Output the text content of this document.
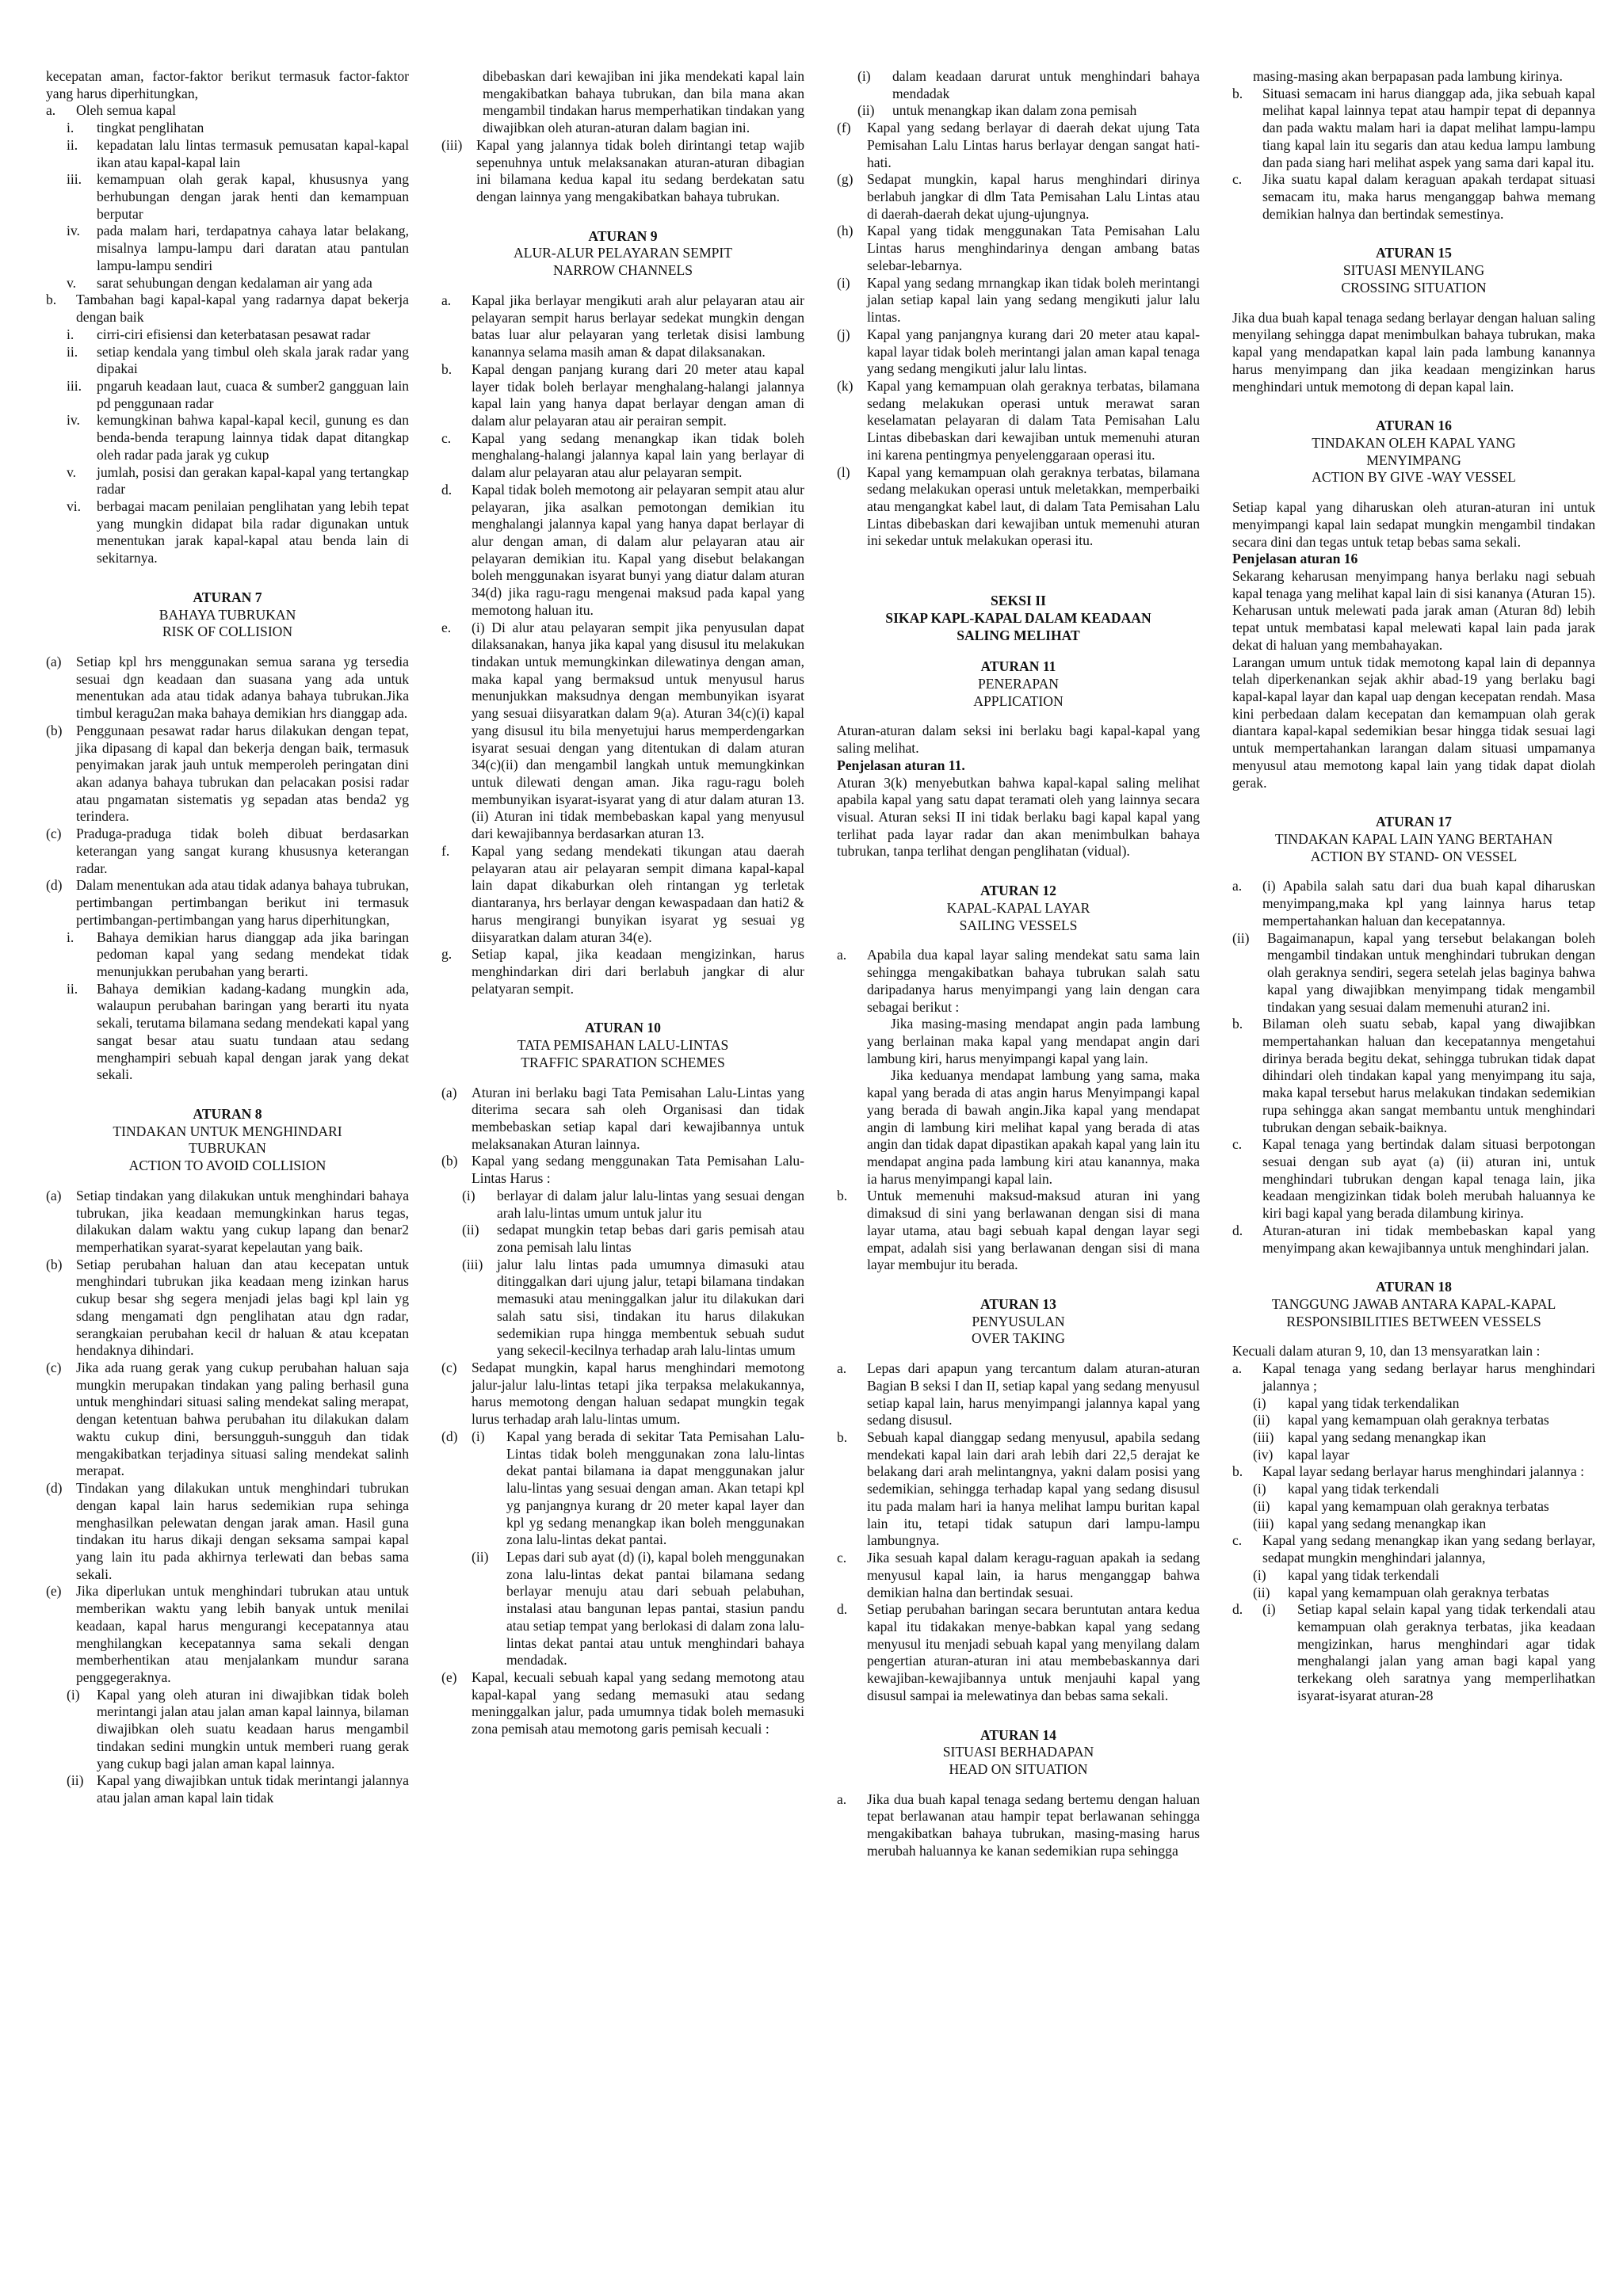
kecepatan aman, factor-faktor berikut termasuk factor-faktor yang harus diperhitungkan,

a.	Oleh semua kapal
i.	tingkat penglihatan
ii.	kepadatan lalu lintas termasuk pemusatan kapal-kapal ikan atau kapal-kapal lain
iii.	kemampuan olah gerak kapal, khususnya yang berhubungan dengan jarak henti dan kemampuan berputar
iv.	pada malam hari, terdapatnya cahaya latar belakang, misalnya lampu-lampu dari daratan atau pantulan lampu-lampu sendiri
v.	sarat sehubungan dengan kedalaman air yang ada
b.	Tambahan bagi kapal-kapal yang radarnya dapat bekerja dengan baik
i.	cirri-ciri efisiensi dan keterbatasan pesawat radar
ii.	setiap kendala yang timbul oleh skala jarak radar yang dipakai
iii.	pngaruh keadaan laut, cuaca & sumber2 gangguan lain pd penggunaan radar
iv.	kemungkinan bahwa kapal-kapal kecil, gunung es dan benda-benda terapung lainnya tidak dapat ditangkap oleh radar pada jarak yg cukup
v.	jumlah, posisi dan gerakan kapal-kapal yang tertangkap radar
vi.	berbagai macam penilaian penglihatan yang lebih tepat yang mungkin didapat bila radar digunakan untuk menentukan jarak kapal-kapal atau benda lain di sekitarnya.

ATURAN 7

BAHAYA TUBRUKAN

RISK OF COLLISION

(a)	Setiap kpl hrs menggunakan semua sarana yg tersedia sesuai dgn keadaan dan suasana yang ada untuk menentukan ada atau tidak adanya bahaya tubrukan.Jika timbul keragu2an maka bahaya demikian hrs dianggap ada.
(b) Penggunaan pesawat radar harus dilakukan dengan tepat, jika dipasang di kapal dan bekerja dengan baik, termasuk penyimakan jarak jauh untuk memperoleh peringatan dini akan adanya bahaya tubrukan dan pelacakan posisi radar atau pngamatan sistematis yg sepadan atas benda2 yg terindera.
(c)	Praduga-praduga tidak boleh dibuat berdasarkan keterangan yang sangat kurang khususnya keterangan radar.
(d) Dalam menentukan ada atau tidak adanya bahaya tubrukan, pertimbangan pertimbangan berikut ini termasuk pertimbangan-pertimbangan yang harus diperhitungkan,
i.	Bahaya demikian harus dianggap ada jika baringan pedoman kapal yang sedang mendekat tidak menunjukkan perubahan yang berarti.
ii.	Bahaya demikian kadang-kadang mungkin ada, walaupun perubahan baringan yang berarti itu nyata sekali, terutama bilamana sedang mendekati kapal yang sangat besar atau suatu tundaan atau sedang menghampiri sebuah kapal dengan jarak yang dekat sekali.

ATURAN 8

TINDAKAN UNTUK MENGHINDARI

TUBRUKAN

ACTION TO AVOID COLLISION

(a)	Setiap tindakan yang dilakukan untuk menghindari bahaya tubrukan, jika keadaan memungkinkan harus tegas, dilakukan dalam waktu yang cukup lapang dan benar2 memperhatikan syarat-syarat kepelautan yang baik.
(b) Setiap perubahan haluan dan atau kecepatan untuk menghindari tubrukan jika keadaan meng izinkan harus cukup besar shg segera menjadi jelas bagi kpl lain yg sdang mengamati dgn penglihatan atau dgn radar, serangkaian perubahan kecil dr haluan & atau kcepatan hendaknya dihindari.
(c)	Jika ada ruang gerak yang cukup perubahan haluan saja mungkin merupakan tindakan yang paling berhasil guna untuk menghindari situasi saling mendekat saling merapat, dengan ketentuan bahwa perubahan itu dilakukan dalam waktu cukup dini, bersungguh-sungguh dan tidak mengakibatkan terjadinya situasi saling mendekat salinh merapat.
(d) Tindakan yang dilakukan untuk menghindari tubrukan dengan kapal lain harus sedemikian rupa sehinga menghasilkan pelewatan dengan jarak aman. Hasil guna tindakan itu harus dikaji dengan seksama sampai kapal yang lain itu pada akhirnya terlewati dan bebas sama sekali.
(e)	Jika diperlukan untuk menghindari tubrukan atau untuk memberikan waktu yang lebih banyak untuk menilai keadaan, kapal harus mengurangi kecepatannya atau menghilangkan kecepatannya sama sekali dengan memberhentikan atau menjalankam mundur sarana penggegeraknya.
(i)	Kapal yang oleh aturan ini diwajibkan tidak boleh merintangi jalan atau jalan aman kapal lainnya, bilaman diwajibkan oleh suatu keadaan harus mengambil tindakan sedini mungkin untuk memberi ruang gerak yang cukup bagi jalan aman kapal lainnya.
(ii) Kapal yang diwajibkan untuk tidak merintangi jalannya atau jalan aman kapal lain tidak

dibebaskan dari kewajiban ini jika mendekati kapal lain mengakibatkan bahaya tubrukan, dan bila mana akan mengambil tindakan harus memperhatikan tindakan yang diwajibkan oleh aturan-aturan dalam bagian ini.

(iii)	Kapal yang jalannya tidak boleh dirintangi tetap wajib sepenuhnya untuk melaksanakan aturan-aturan dibagian ini bilamana kedua kapal itu sedang berdekatan satu dengan lainnya yang mengakibatkan bahaya tubrukan.

ATURAN 9

ALUR-ALUR PELAYARAN SEMPIT

NARROW CHANNELS

a.	Kapal jika berlayar mengikuti arah alur pelayaran atau air pelayaran sempit harus berlayar sedekat mungkin dengan batas luar alur pelayaran yang terletak disisi lambung kanannya selama masih aman & dapat dilaksanakan.
b.	Kapal dengan panjang kurang dari 20 meter atau kapal layer tidak boleh berlayar menghalang-halangi jalannya kapal lain yang hanya dapat berlayar dengan aman di dalam alur pelayaran atau air perairan sempit.
c.	Kapal yang sedang menangkap ikan tidak boleh menghalang-halangi jalannya kapal lain yang berlayar di dalam alur pelayaran atau alur pelayaran sempit.
d.	Kapal tidak boleh memotong air pelayaran sempit atau alur pelayaran, jika asalkan pemotongan demikian itu menghalangi jalannya kapal yang hanya dapat berlayar di alur dengan aman, di dalam alur pelayaran atau air pelayaran demikian itu. Kapal yang disebut belakangan boleh menggunakan isyarat bunyi yang diatur dalam aturan 34(d) jika ragu-ragu mengenai maksud pada kapal yang memotong haluan itu.
e.	(i) Di alur atau pelayaran sempit jika penyusulan dapat dilaksanakan, hanya jika kapal yang disusul itu melakukan tindakan untuk memungkinkan dilewatinya dengan aman, maka kapal yang bermaksud untuk menyusul harus menunjukkan maksudnya dengan membunyikan isyarat yang sesuai diisyaratkan dalam 9(a). Aturan 34(c)(i) kapal yang disusul itu bila menyetujui harus memperdengarkan isyarat sesuai dengan yang ditentukan di dalam aturan 34(c)(ii) dan mengambil langkah untuk memungkinkan untuk dilewati dengan aman. Jika ragu-ragu boleh membunyikan isyarat-isyarat yang di atur dalam aturan 13. (ii) Aturan ini tidak membebaskan kapal yang menyusul dari kewajibannya berdasarkan aturan 13.
f.	Kapal yang sedang mendekati tikungan atau daerah pelayaran atau air pelayaran sempit dimana kapal-kapal lain dapat dikaburkan oleh rintangan yg terletak diantaranya, hrs berlayar dengan kewaspadaan dan hati2 & harus mengirangi bunyikan isyarat yg sesuai yg diisyaratkan dalam aturan 34(e).
g.	Setiap kapal, jika keadaan mengizinkan, harus menghindarkan diri dari berlabuh jangkar di alur pelatyaran sempit.

ATURAN 10

TATA PEMISAHAN LALU-LINTAS

TRAFFIC SPARATION SCHEMES

(a)	Aturan ini berlaku bagi Tata Pemisahan Lalu-Lintas yang diterima secara sah oleh Organisasi dan tidak membebaskan setiap kapal dari kewajibannya untuk melaksanakan Aturan lainnya.
(b) Kapal yang sedang menggunakan Tata Pemisahan Lalu-Lintas Harus :
(i)	berlayar di dalam jalur lalu-lintas yang sesuai dengan arah lalu-lintas umum untuk jalur itu
(ii)	sedapat mungkin tetap bebas dari garis pemisah atau zona pemisah lalu lintas
(iii)	jalur lalu lintas pada umumnya dimasuki atau ditinggalkan dari ujung jalur, tetapi bilamana tindakan memasuki atau meninggalkan jalur itu dilakukan dari salah satu sisi, tindakan itu harus dilakukan sedemikian rupa hingga membentuk sebuah sudut yang sekecil-kecilnya terhadap arah lalu-lintas umum
(c)	Sedapat mungkin, kapal harus menghindari memotong jalur-jalur lalu-lintas tetapi jika terpaksa melakukannya, harus memotong dengan haluan sedapat mungkin tegak lurus terhadap arah lalu-lintas umum.
(d) (i)	Kapal yang berada di sekitar Tata Pemisahan Lalu-Lintas tidak boleh menggunakan zona lalu-lintas dekat pantai bilamana ia dapat menggunakan jalur lalu-lintas yang sesuai dengan aman. Akan tetapi kpl yg panjangnya kurang dr 20 meter kapal layer dan kpl yg sedang menangkap ikan boleh menggunakan zona lalu-lintas dekat pantai.
(ii)	Lepas dari sub ayat (d) (i), kapal boleh menggunakan zona lalu-lintas dekat pantai bilamana sedang berlayar menuju atau dari sebuah pelabuhan, instalasi atau bangunan lepas pantai, stasiun pandu atau setiap tempat yang berlokasi di dalam zona lalu-lintas dekat pantai atau untuk menghindari bahaya mendadak.
(e)	Kapal, kecuali sebuah kapal yang sedang memotong atau kapal-kapal yang sedang memasuki atau sedang meninggalkan jalur, pada umumnya tidak boleh memasuki zona pemisah atau memotong garis pemisah kecuali :
(i)	dalam keadaan darurat untuk menghindari bahaya mendadak
(ii)	untuk menangkap ikan dalam zona pemisah
(f)	Kapal yang sedang berlayar di daerah dekat ujung Tata Pemisahan Lalu Lintas harus berlayar dengan sangat hati-hati.
(g) Sedapat mungkin, kapal harus menghindari dirinya berlabuh jangkar di dlm Tata Pemisahan Lalu Lintas atau di daerah-daerah dekat ujung-ujungnya.
(h) Kapal yang tidak menggunakan Tata Pemisahan Lalu Lintas harus menghindarinya dengan ambang batas selebar-lebarnya.
(i)	Kapal yang sedang mrnangkap ikan tidak boleh merintangi jalan setiap kapal lain yang sedang mengikuti jalur lalu lintas.
(j)	Kapal yang panjangnya kurang dari 20 meter atau kapal-kapal layar tidak boleh merintangi jalan aman kapal tenaga yang sedang mengikuti jalur lalu lintas.
(k) Kapal yang kemampuan olah geraknya terbatas, bilamana sedang melakukan operasi untuk merawat saran keselamatan pelayaran di dalam Tata Pemisahan Lalu Lintas dibebaskan dari kewajiban untuk memenuhi aturan ini karena pentingmya penyelenggaraan operasi itu.
(l)	Kapal yang kemampuan olah geraknya terbatas, bilamana sedang melakukan operasi untuk meletakkan, memperbaiki atau mengangkat kabel laut, di dalam Tata Pemisahan Lalu Lintas dibebaskan dari kewajiban untuk memenuhi aturan ini sekedar untuk melakukan operasi itu.

SEKSI II

SIKAP KAPL-KAPAL DALAM KEADAAN

SALING MELIHAT

ATURAN 11

PENERAPAN

APPLICATION

Aturan-aturan dalam seksi ini berlaku bagi kapal-kapal yang saling melihat.

Penjelasan aturan 11.

Aturan 3(k) menyebutkan bahwa kapal-kapal saling melihat apabila kapal yang satu dapat teramati oleh yang lainnya secara visual. Aturan seksi II ini tidak berlaku bagi kapal kapal yang terlihat pada layar radar dan akan menimbulkan bahaya tubrukan, tanpa terlihat dengan penglihatan (vidual).

ATURAN 12

KAPAL-KAPAL LAYAR

SAILING VESSELS

a.	Apabila dua kapal layar saling mendekat satu sama lain sehingga mengakibatkan bahaya tubrukan salah satu daripadanya harus menyimpangi yang lain dengan cara sebagai berikut :
Jika masing-masing mendapat angin pada lambung yang berlainan maka kapal yang mendapat angin dari lambung kiri, harus menyimpangi kapal yang lain.
Jika keduanya mendapat lambung yang sama, maka kapal yang berada di atas angin harus Menyimpangi kapal yang berada di bawah angin.Jika kapal yang mendapat angin di lambung kiri melihat kapal yang berada di atas angin dan tidak dapat dipastikan apakah kapal yang lain itu mendapat angina pada lambung kiri atau kanannya, maka ia harus menyimpangi kapal lain.
b.	Untuk memenuhi maksud-maksud aturan ini yang dimaksud di sini yang berlawanan dengan sisi di mana layar utama, atau bagi sebuah kapal dengan layar segi empat, adalah sisi yang berlawanan dengan sisi di mana layar membujur itu berada.

ATURAN 13

PENYUSULAN

OVER TAKING

a.	Lepas dari apapun yang tercantum dalam aturan-aturan Bagian B seksi I dan II, setiap kapal yang sedang menyusul setiap kapal lain, harus menyimpangi jalannya kapal yang sedang disusul.
b.	Sebuah kapal dianggap sedang menyusul, apabila sedang mendekati kapal lain dari arah lebih dari 22,5 derajat ke belakang dari arah melintangnya, yakni dalam posisi yang sedemikian, sehingga terhadap kapal yang sedang disusul itu pada malam hari ia hanya melihat lampu buritan kapal lain itu, tetapi tidak satupun dari lampu-lampu lambungnya.
c.	Jika sesuah kapal dalam keragu-raguan apakah ia sedang menyusul kapal lain, ia harus menganggap bahwa demikian halna dan bertindak sesuai.
d.	Setiap perubahan baringan secara beruntutan antara kedua kapal itu tidakakan menye-babkan kapal yang sedang menyusul itu menjadi sebuah kapal yang menyilang dalam pengertian aturan-aturan ini atau membebaskannya dari kewajiban-kewajibannya untuk menjauhi kapal yang disusul sampai ia melewatinya dan bebas sama sekali.

ATURAN 14

SITUASI BERHADAPAN

HEAD ON SITUATION

a.	Jika dua buah kapal tenaga sedang bertemu dengan haluan tepat berlawanan atau hampir tepat berlawanan sehingga mengakibatkan bahaya tubrukan, masing-masing harus merubah haluannya ke kanan sedemikian rupa sehingga

masing-masing akan berpapasan pada lambung kirinya.

b.	Situasi semacam ini harus dianggap ada, jika sebuah kapal melihat kapal lainnya tepat atau hampir tepat di depannya dan pada waktu malam hari ia dapat melihat lampu-lampu tiang kapal lain itu segaris dan atau kedua lampu lambung dan pada siang hari melihat aspek yang sama dari kapal itu.
c.	Jika suatu kapal dalam keraguan apakah terdapat situasi semacam itu, maka harus menganggap bahwa memang demikian halnya dan bertindak semestinya.

ATURAN 15

SITUASI MENYILANG

CROSSING SITUATION

Jika dua buah kapal tenaga sedang berlayar dengan haluan saling menyilang sehingga dapat menimbulkan bahaya tubrukan, maka kapal yang mendapatkan kapal lain pada lambung kanannya harus menyimpang dan jika keadaan mengizinkan harus menghindari untuk memotong di depan kapal lain.

ATURAN 16

TINDAKAN OLEH KAPAL YANG

MENYIMPANG

ACTION BY GIVE -WAY VESSEL

Setiap kapal yang diharuskan oleh aturan-aturan ini untuk menyimpangi kapal lain sedapat mungkin mengambil tindakan secara dini dan tegas untuk tetap bebas sama sekali.

Penjelasan aturan 16

Sekarang keharusan menyimpang hanya berlaku nagi sebuah kapal tenaga yang melihat kapal lain di sisi kananya (Aturan 15). Keharusan untuk melewati pada jarak aman (Aturan 8d) lebih tepat untuk membatasi kapal melewati kapal lain pada jarak dekat di haluan yang membahayakan.

Larangan umum untuk tidak memotong kapal lain di depannya telah diperkenankan sejak akhir abad-19 yang berlaku bagi kapal-kapal layar dan kapal uap dengan kecepatan rendah. Masa kini perbedaan dalam kecepatan dan kemampuan olah gerak diantara kapal-kapal sedemikian besar hingga tidak sesuai lagi untuk mempertahankan larangan dalam situasi umpamanya menyusul atau memotong kapal lain yang tidak dapat diolah gerak.

ATURAN 17

TINDAKAN KAPAL LAIN YANG BERTAHAN

ACTION BY STAND- ON VESSEL

a.	(i) Apabila salah satu dari dua buah kapal diharuskan menyimpang,maka kpl yang lainnya harus tetap mempertahankan haluan dan kecepatannya.
(ii)	Bagaimanapun, kapal yang tersebut belakangan boleh mengambil tindakan untuk menghindari tubrukan dengan olah geraknya sendiri, segera setelah jelas baginya bahwa kapal yang diwajibkan menyimpang tidak mengambil tindakan yang sesuai dalam memenuhi aturan2 ini.
b.	Bilaman oleh suatu sebab, kapal yang diwajibkan mempertahankan haluan dan kecepatannya mengetahui dirinya berada begitu dekat, sehingga tubrukan tidak dapat dihindari oleh tindakan kapal yang menyimpang itu saja, maka kapal tersebut harus melakukan tindakan sedemikian rupa sehingga akan sangat membantu untuk menghindari tubrukan dengan sebaik-baiknya.
c.	Kapal tenaga yang bertindak dalam situasi berpotongan sesuai dengan sub ayat (a) (ii) aturan ini, untuk menghindari tubrukan dengan kapal tenaga lain, jika keadaan mengizinkan tidak boleh merubah haluannya ke kiri bagi kapal yang berada dilambung kirinya.
d.	Aturan-aturan ini tidak membebaskan kapal yang menyimpang akan kewajibannya untuk menghindari jalan.

ATURAN 18

TANGGUNG JAWAB ANTARA KAPAL-KAPAL

RESPONSIBILITIES BETWEEN VESSELS

Kecuali dalam aturan 9, 10, dan 13 mensyaratkan lain :

a.	Kapal tenaga yang sedang berlayar harus menghindari jalannya ;
(i)	kapal yang tidak terkendalikan
(ii)	kapal yang kemampuan olah geraknya terbatas
(iii)	kapal yang sedang menangkap ikan
(iv)	kapal layar
b.	Kapal layar sedang berlayar harus menghindari jalannya :
(i)	kapal yang tidak terkendali
(ii)	kapal yang kemampuan olah geraknya terbatas
(iii)	kapal yang sedang menangkap ikan
c.	Kapal yang sedang menangkap ikan yang sedang berlayar, sedapat mungkin menghindari jalannya,
(i)	kapal yang tidak terkendali
(ii)	kapal yang kemampuan olah geraknya terbatas
d.	(i)	Setiap kapal selain kapal yang tidak terkendali atau kemampuan olah geraknya terbatas, jika keadaan mengizinkan, harus menghindari agar tidak menghalangi jalan yang aman bagi kapal yang terkekang oleh saratnya yang memperlihatkan isyarat-isyarat aturan-28
